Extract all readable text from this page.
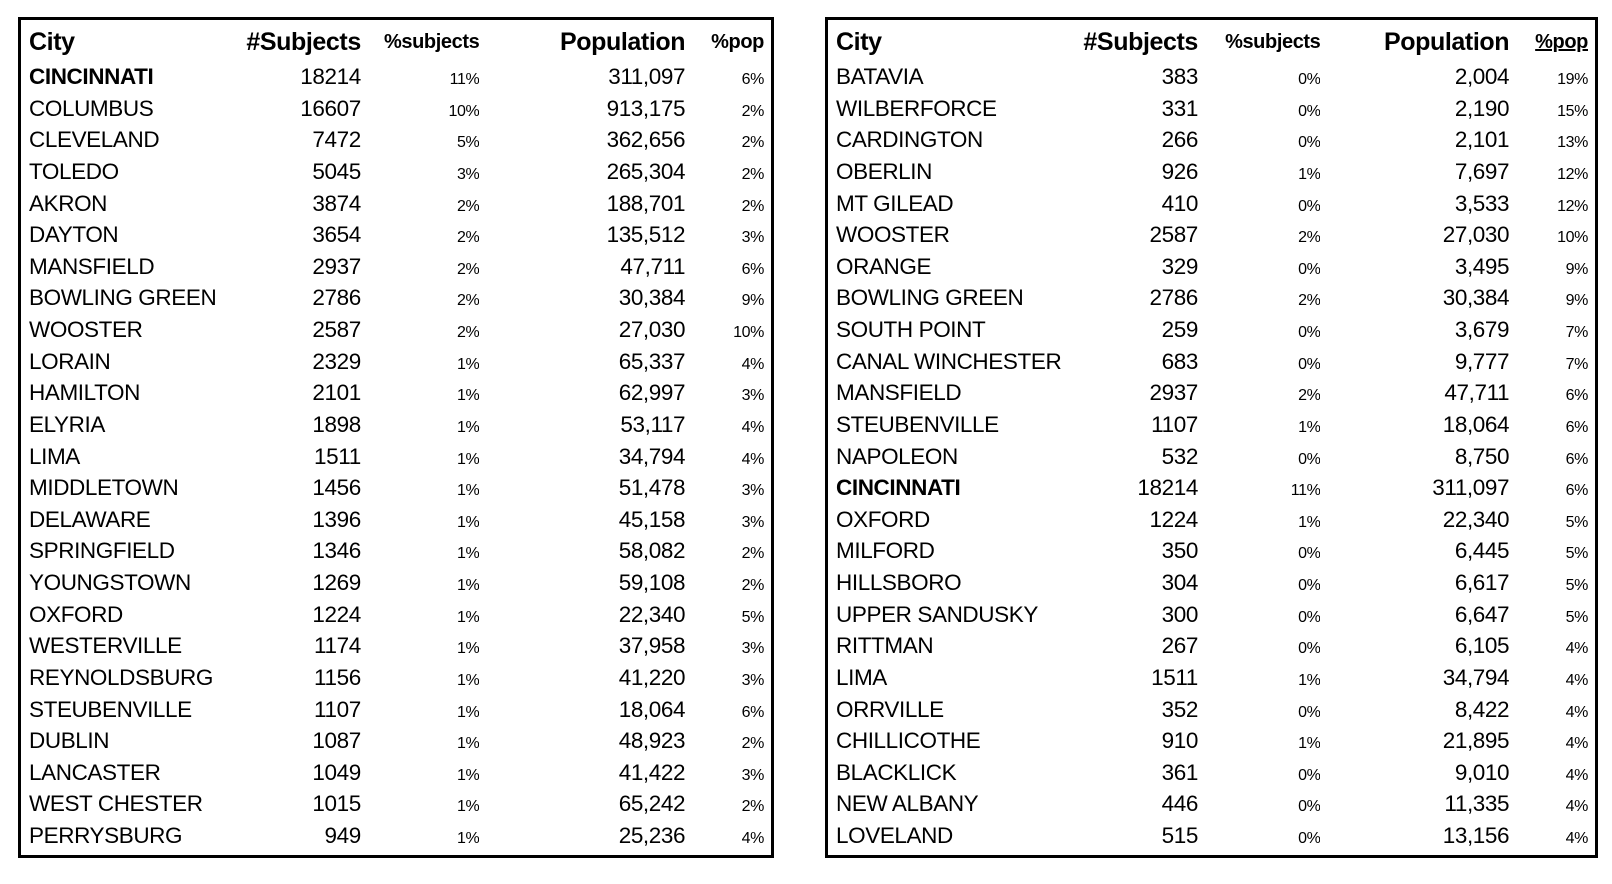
City	#Subjects	%subjects	Population	%pop
CINCINNATI	18214	11%	311,097	6%
COLUMBUS	16607	10%	913,175	2%
CLEVELAND	7472	5%	362,656	2%
TOLEDO	5045	3%	265,304	2%
AKRON	3874	2%	188,701	2%
DAYTON	3654	2%	135,512	3%
MANSFIELD	2937	2%	47,711	6%
BOWLING GREEN	2786	2%	30,384	9%
WOOSTER	2587	2%	27,030	10%
LORAIN	2329	1%	65,337	4%
HAMILTON	2101	1%	62,997	3%
ELYRIA	1898	1%	53,117	4%
LIMA	1511	1%	34,794	4%
MIDDLETOWN	1456	1%	51,478	3%
DELAWARE	1396	1%	45,158	3%
SPRINGFIELD	1346	1%	58,082	2%
YOUNGSTOWN	1269	1%	59,108	2%
OXFORD	1224	1%	22,340	5%
WESTERVILLE	1174	1%	37,958	3%
REYNOLDSBURG	1156	1%	41,220	3%
STEUBENVILLE	1107	1%	18,064	6%
DUBLIN	1087	1%	48,923	2%
LANCASTER	1049	1%	41,422	3%
WEST CHESTER	1015	1%	65,242	2%
PERRYSBURG	949	1%	25,236	4%
City	#Subjects	%subjects	Population	%pop
BATAVIA	383	0%	2,004	19%
WILBERFORCE	331	0%	2,190	15%
CARDINGTON	266	0%	2,101	13%
OBERLIN	926	1%	7,697	12%
MT GILEAD	410	0%	3,533	12%
WOOSTER	2587	2%	27,030	10%
ORANGE	329	0%	3,495	9%
BOWLING GREEN	2786	2%	30,384	9%
SOUTH POINT	259	0%	3,679	7%
CANAL WINCHESTER	683	0%	9,777	7%
MANSFIELD	2937	2%	47,711	6%
STEUBENVILLE	1107	1%	18,064	6%
NAPOLEON	532	0%	8,750	6%
CINCINNATI	18214	11%	311,097	6%
OXFORD	1224	1%	22,340	5%
MILFORD	350	0%	6,445	5%
HILLSBORO	304	0%	6,617	5%
UPPER SANDUSKY	300	0%	6,647	5%
RITTMAN	267	0%	6,105	4%
LIMA	1511	1%	34,794	4%
ORRVILLE	352	0%	8,422	4%
CHILLICOTHE	910	1%	21,895	4%
BLACKLICK	361	0%	9,010	4%
NEW ALBANY	446	0%	11,335	4%
LOVELAND	515	0%	13,156	4%
